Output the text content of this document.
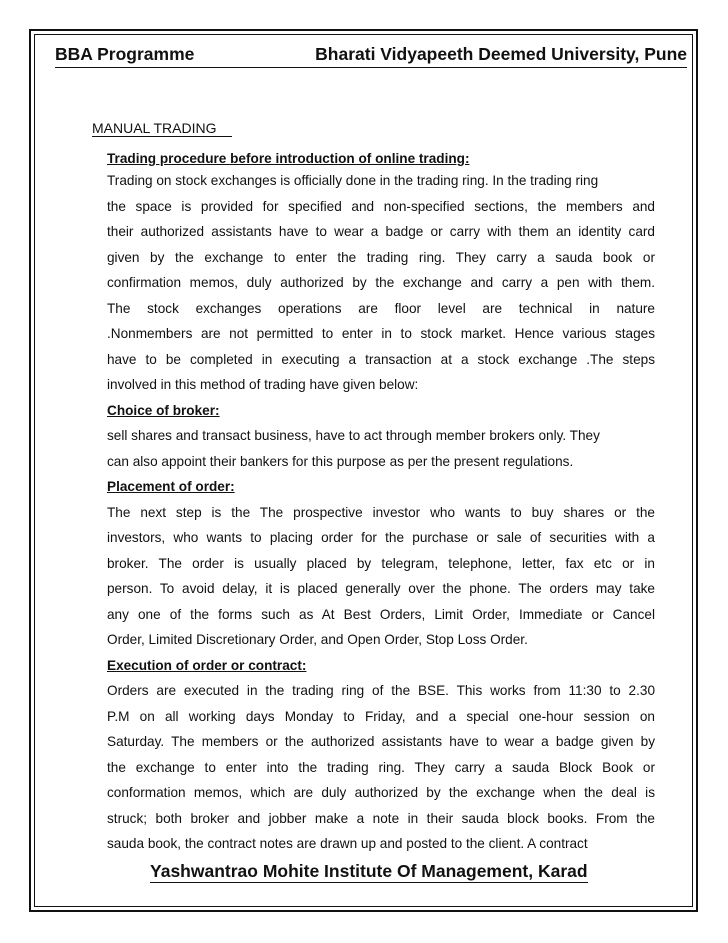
BBA Programme	Bharati Vidyapeeth Deemed University, Pune
MANUAL TRADING
Trading procedure before introduction of online trading:
Trading on stock exchanges is officially done in the trading ring. In the trading ring
the space is provided for specified and non-specified sections, the members and
their authorized assistants have to wear a badge or carry with them an identity card
given by the exchange to enter the trading ring. They carry a sauda book or
confirmation memos, duly authorized by the exchange and carry a pen with them.
The stock exchanges operations are floor level are technical in nature
.Nonmembers are not permitted to enter in to stock market. Hence various stages
have to be completed in executing a transaction at a stock exchange .The steps
involved in this method of trading have given below:
Choice of broker:
sell shares and transact business, have to act through member brokers only. They
can also appoint their bankers for this purpose as per the present regulations.
Placement of order:
The next step is the The prospective investor who wants to buy shares or the
investors, who wants to placing order for the purchase or sale of securities with a
broker. The order is usually placed by telegram, telephone, letter, fax etc or in
person. To avoid delay, it is placed generally over the phone. The orders may take
any one of the forms such as At Best Orders, Limit Order, Immediate or Cancel
Order, Limited Discretionary Order, and Open Order, Stop Loss Order.
Execution of order or contract:
Orders are executed in the trading ring of the BSE. This works from 11:30 to 2.30
P.M on all working days Monday to Friday, and a special one-hour session on
Saturday. The members or the authorized assistants have to wear a badge given by
the exchange to enter into the trading ring. They carry a sauda Block Book or
conformation memos, which are duly authorized by the exchange when the deal is
struck; both broker and jobber make a note in their sauda block books. From the
sauda book, the contract notes are drawn up and posted to the client. A contract
Yashwantrao Mohite Institute Of Management, Karad
